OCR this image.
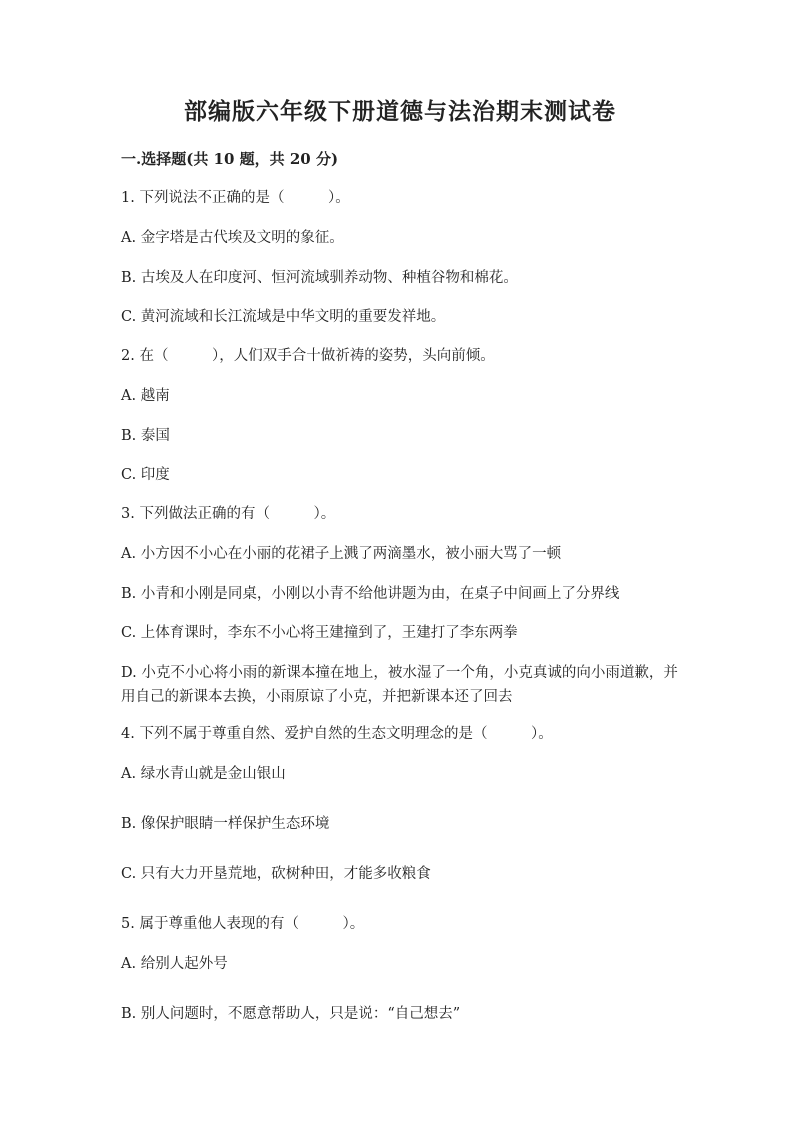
部编版六年级下册道德与法治期末测试卷
一.选择题(共 10 题，共 20 分)
1. 下列说法不正确的是（　　　）。
A. 金字塔是古代埃及文明的象征。
B. 古埃及人在印度河、恒河流域驯养动物、种植谷物和棉花。
C. 黄河流域和长江流域是中华文明的重要发祥地。
2. 在（　　　），人们双手合十做祈祷的姿势，头向前倾。
A. 越南
B. 泰国
C. 印度
3. 下列做法正确的有（　　　）。
A. 小方因不小心在小丽的花裙子上溅了两滴墨水，被小丽大骂了一顿
B. 小青和小刚是同桌，小刚以小青不给他讲题为由，在桌子中间画上了分界线
C. 上体育课时，李东不小心将王建撞到了，王建打了李东两拳
D. 小克不小心将小雨的新课本撞在地上，被水湿了一个角，小克真诚的向小雨道歉，并用自己的新课本去换，小雨原谅了小克，并把新课本还了回去
4. 下列不属于尊重自然、爱护自然的生态文明理念的是（　　　）。
A. 绿水青山就是金山银山
B. 像保护眼睛一样保护生态环境
C. 只有大力开垦荒地，砍树种田，才能多收粮食
5. 属于尊重他人表现的有（　　　）。
A. 给别人起外号
B. 别人问题时，不愿意帮助人，只是说：“自己想去”
